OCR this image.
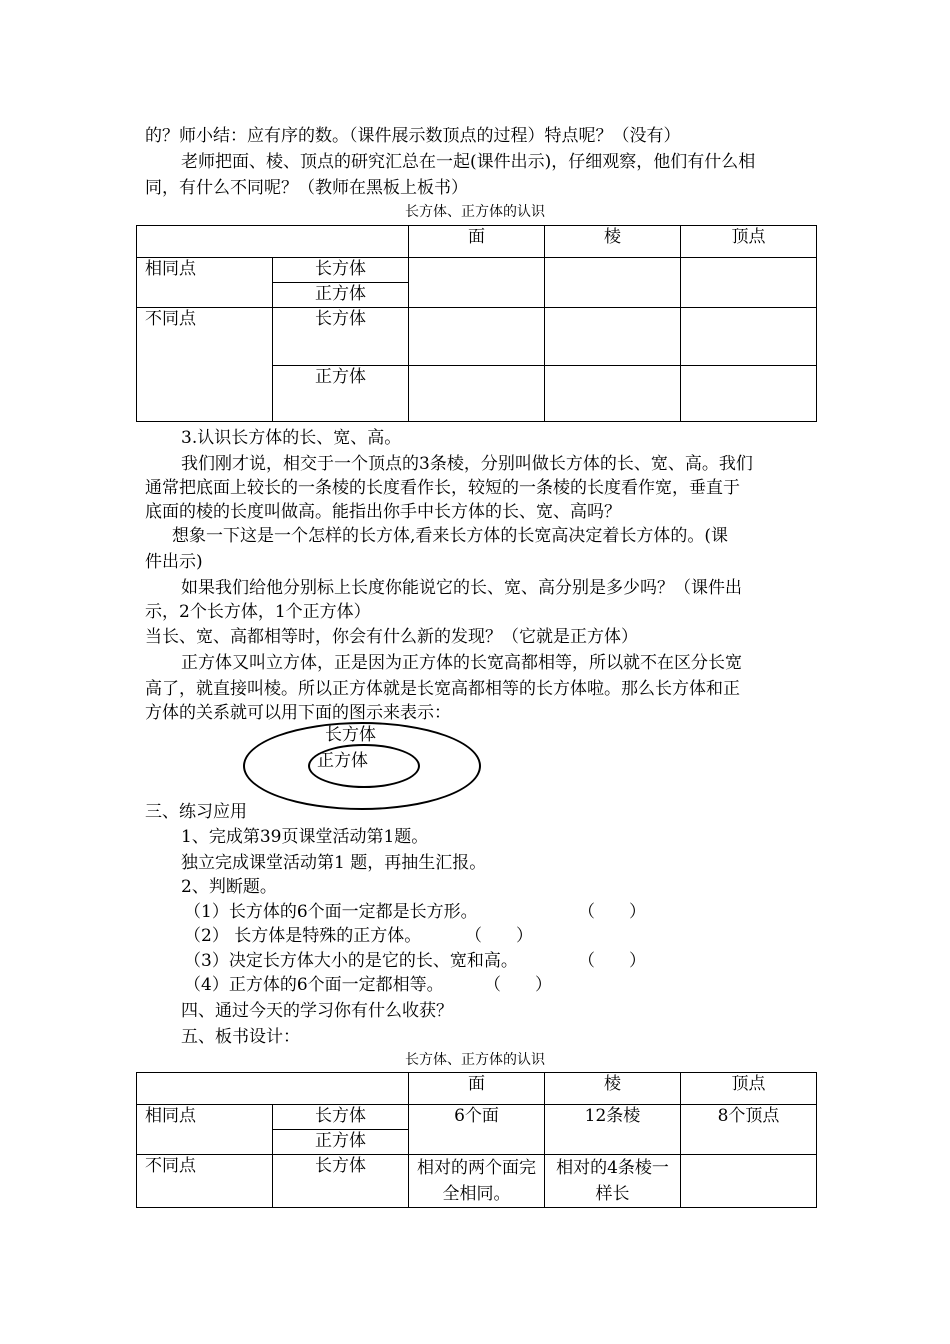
的？师小结：应有序的数。（课件展示数顶点的过程）特点呢？（没有）
老师把面、棱、顶点的研究汇总在一起(课件出示)，仔细观察，他们有什么相
同，有什么不同呢？（教师在黑板上板书）
长方体、正方体的认识
		面	棱	顶点
相同点	长方体			
	正方体			
不同点	长方体			
	正方体			
3.认识长方体的长、宽、高。
我们刚才说，相交于一个顶点的3条棱，分别叫做长方体的长、宽、高。我们
通常把底面上较长的一条棱的长度看作长，较短的一条棱的长度看作宽，垂直于
底面的棱的长度叫做高。能指出你手中长方体的长、宽、高吗？
想象一下这是一个怎样的长方体,看来长方体的长宽高决定着长方体的。(课
件出示)
如果我们给他分别标上长度你能说它的长、宽、高分别是多少吗？（课件出
示，2个长方体，1个正方体）
当长、宽、高都相等时，你会有什么新的发现？（它就是正方体）
正方体又叫立方体，正是因为正方体的长宽高都相等，所以就不在区分长宽
高了，就直接叫棱。所以正方体就是长宽高都相等的长方体啦。那么长方体和正
方体的关系就可以用下面的图示来表示：
长方体
正方体
三、练习应用
1、完成第39页课堂活动第1题。
独立完成课堂活动第1 题，再抽生汇报。
2、判断题。
（1）长方体的6个面一定都是长方形。	（　　）
（2） 长方体是特殊的正方体。	（　　）
（3）决定长方体大小的是它的长、宽和高。	（　　）
（4）正方体的6个面一定都相等。 （　　）
四、通过今天的学习你有什么收获？
五、板书设计：
长方体、正方体的认识
		面	棱	顶点
相同点	长方体	6个面	12条棱	8个顶点
	正方体			
不同点	长方体	相对的两个面完全相同。	相对的4条棱一样长	
